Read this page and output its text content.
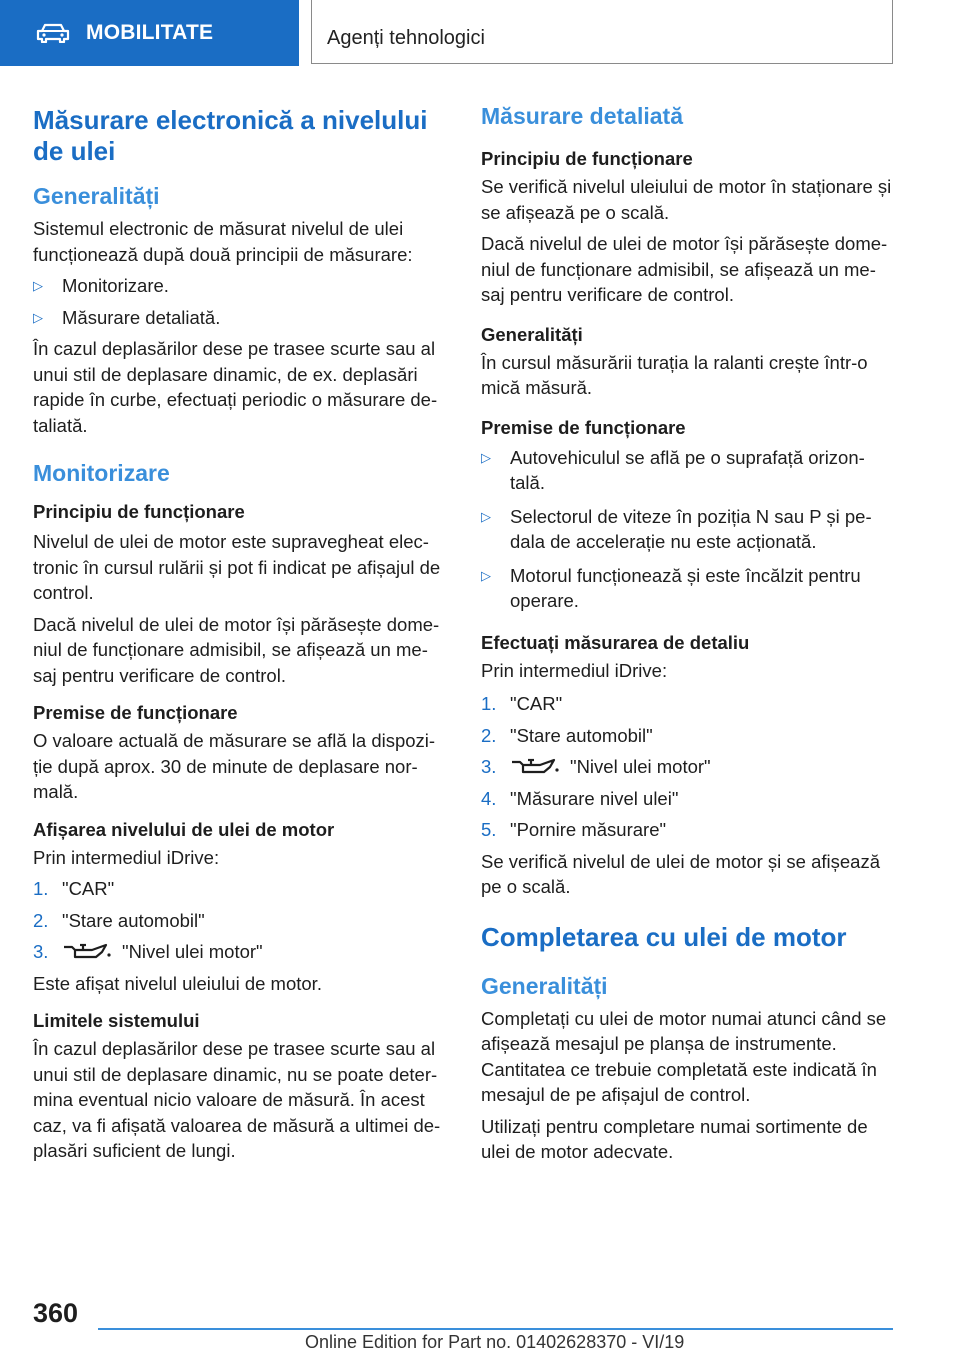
MOBILITATE	Agenți tehnologici
Măsurare electronică a nivelului de ulei
Generalități

Sistemul electronic de măsurat nivelul de ulei funcționează după două principii de măsurare:

▷ Monitorizare.
▷ Măsurare detaliată.

În cazul deplasărilor dese pe trasee scurte sau al unui stil de deplasare dinamic, de ex. deplasări rapide în curbe, efectuați periodic o măsurare de-taliată.

Monitorizare
Principiu de funcționare

Nivelul de ulei de motor este supravegheat elec-tronic în cursul rulării și pot fi indicat pe afișajul de control.

Dacă nivelul de ulei de motor își părăsește dome-niul de funcționare admisibil, se afișează un me-saj pentru verificare de control.

Premise de funcționare

O valoare actuală de măsurare se află la dispozi-ție după aprox. 30 de minute de deplasare nor-mală.

Afișarea nivelului de ulei de motor

Prin intermediul iDrive:

1. "CAR"
2. "Stare automobil"
3.	"Nivel ulei motor"

Este afișat nivelul uleiului de motor.

Limitele sistemului

În cazul deplasărilor dese pe trasee scurte sau al unui stil de deplasare dinamic, nu se poate deter-mina eventual nicio valoare de măsură. În acest caz, va fi afișată valoarea de măsură a ultimei de-plasări suficient de lungi.

Măsurare detaliată
Principiu de funcționare

Se verifică nivelul uleiului de motor în staționare și se afișează pe o scală.

Dacă nivelul de ulei de motor își părăsește dome-niul de funcționare admisibil, se afișează un me-saj pentru verificare de control.

Generalități

În cursul măsurării turația la ralanti crește într-o mică măsură.

Premise de funcționare
▷ Autovehiculul se află pe o suprafață orizon-tală.
▷ Selectorul de viteze în poziția N sau P și pe-dala de accelerație nu este acționată.
▷ Motorul funcționează și este încălzit pentru operare.
Efectuați măsurarea de detaliu

Prin intermediul iDrive:

1. "CAR"
2. "Stare automobil"
3.	"Nivel ulei motor"
4. "Măsurare nivel ulei"
5. "Pornire măsurare"

Se verifică nivelul de ulei de motor și se afișează pe o scală.

Completarea cu ulei de motor
Generalități

Completați cu ulei de motor numai atunci când se afișează mesajul pe planșa de instrumente. Cantitatea ce trebuie completată este indicată în mesajul de pe afișajul de control.

Utilizați pentru completare numai sortimente de ulei de motor adecvate.

360
Online Edition for Part no. 01402628370 - VI/19
